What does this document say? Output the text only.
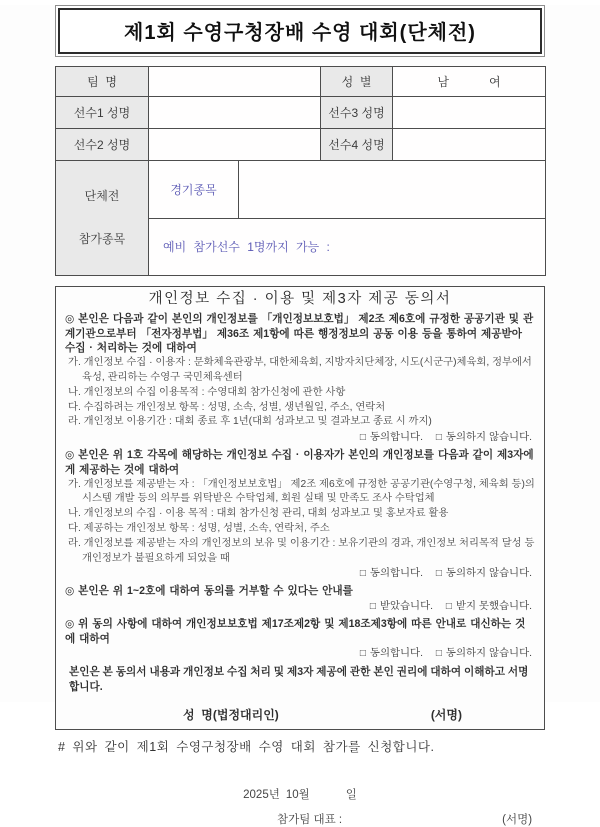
제1회 수영구청장배 수영 대회(단체전)
팀  명			성  별	남 여

선수1 성명			선수3 성명	
선수2 성명			선수4 성명	

단체전

참가종목	경기종목			
	예비 참가선수 1명까지 가능 :			
개인정보 수집 · 이용 및 제3자 제공 동의서
◎ 본인은 다음과 같이 본인의 개인정보를 「개인정보보호법」 제2조 제6호에 규정한 공공기관 및 관계기관으로부터 「전자정부법」 제36조 제1항에 따른 행정정보의 공동 이용 등을 통하여 제공받아 수집 · 처리하는 것에 대하여
가. 개인정보 수집 · 이용자 : 문화체육관광부, 대한체육회, 지방자치단체장, 시도(시군구)체육회, 정부에서 육성, 관리하는 수영구 국민체육센터
나. 개인정보의 수집 이용목적 : 수영대회 참가신청에 관한 사항
다. 수집하려는 개인정보 항목 : 성명, 소속, 성별, 생년월일, 주소, 연락처
라. 개인정보 이용기간 : 대회 종료 후 1년(대회 성과보고 및 결과보고 종료 시 까지)
□ 동의합니다. □ 동의하지 않습니다.
◎ 본인은 위 1호 각목에 해당하는 개인정보 수집 · 이용자가 본인의 개인정보를 다음과 같이 제3자에게 제공하는 것에 대하여
가. 개인정보를 제공받는 자 : 「개인정보보호법」 제2조 제6호에 규정한 공공기관(수영구청, 체육회 등)의 시스템 개발 등의 의무를 위탁받은 수탁업체, 회원 실태 및 만족도 조사 수탁업체
나. 개인정보의 수집 · 이용 목적 : 대회 참가신청 관리, 대회 성과보고 및 홍보자료 활용
다. 제공하는 개인정보 항목 : 성명, 성별, 소속, 연락처, 주소
라. 개인정보를 제공받는 자의 개인정보의 보유 및 이용기간 : 보유기관의 경과, 개인정보 처리목적 달성 등 개인정보가 불필요하게 되었을 때
□ 동의합니다. □ 동의하지 않습니다.
◎ 본인은 위 1~2호에 대하여 동의를 거부할 수 있다는 안내를
□ 받았습니다. □ 받지 못했습니다.
◎ 위 동의 사항에 대하여 개인정보보호법 제17조제2항 및 제18조제3항에 따른 안내로 대신하는 것에 대하여
□ 동의합니다. □ 동의하지 않습니다.
본인은 본 동의서 내용과 개인정보 수집 처리 및 제3자 제공에 관한 본인 권리에 대하여 이해하고 서명합니다.
성  명(법정대리인)	(서명)
# 위와 같이 제1회 수영구청장배 수영 대회 참가를 신청합니다.
2025년 10월	일
참가팀 대표 :	(서명)
